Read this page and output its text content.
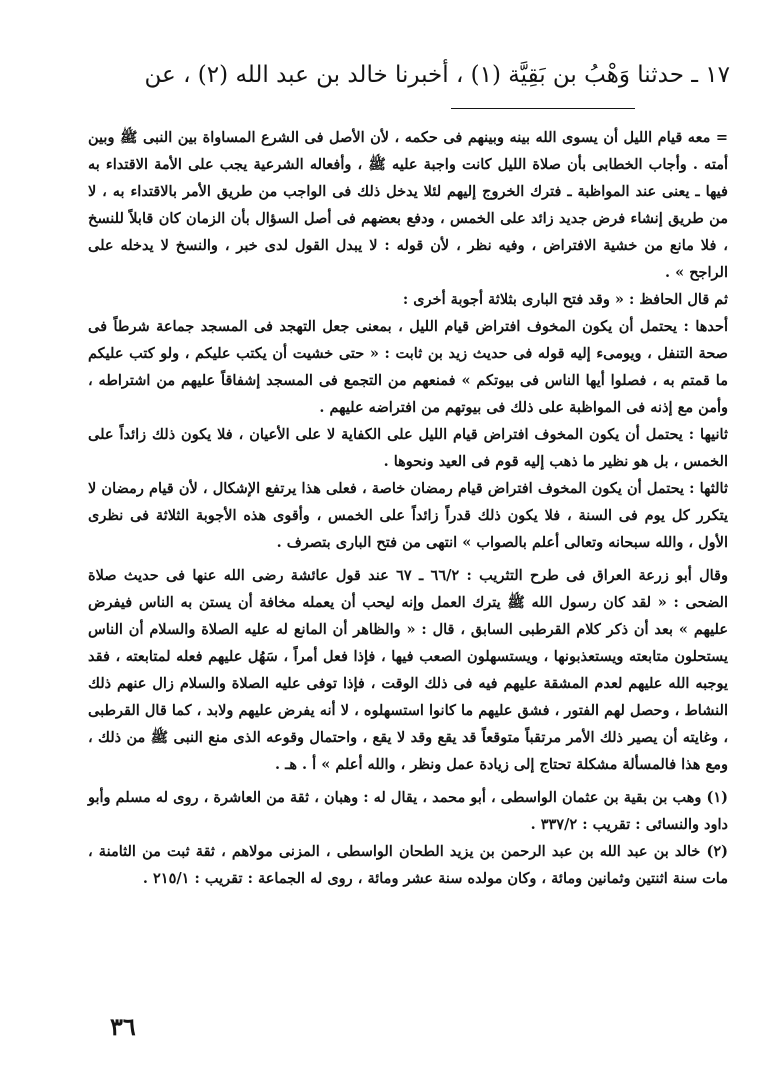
١٧ ـ حدثنا وَهْبُ بن بَقِيَّة (١) ، أخبرنا خالد بن عبد الله (٢) ، عن

= معه قيام الليل أن يسوى الله بينه وبينهم فى حكمه ، لأن الأصل فى الشرع المساواة بين النبى ﷺ وبين أمته . وأجاب الخطابى بأن صلاة الليل كانت واجبة عليه ﷺ ، وأفعاله الشرعية يجب على الأمة الاقتداء به فيها ـ يعنى عند المواظبة ـ فترك الخروج إليهم لئلا يدخل ذلك فى الواجب من طريق الأمر بالاقتداء به ، لا من طريق إنشاء فرض جديد زائد على الخمس ، ودفع بعضهم فى أصل السؤال بأن الزمان كان قابلاً للنسخ ، فلا مانع من خشية الافتراض ، وفيه نظر ، لأن قوله : لا يبدل القول لدى خبر ، والنسخ لا يدخله على الراجح » .

ثم قال الحافظ : « وقد فتح البارى بثلاثة أجوبة أخرى :

أحدها : يحتمل أن يكون المخوف افتراض قيام الليل ، بمعنى جعل التهجد فى المسجد جماعة شرطاً فى صحة التنفل ، ويومىء إليه قوله فى حديث زيد بن ثابت : « حتى خشيت أن يكتب عليكم ، ولو كتب عليكم ما قمتم به ، فصلوا أيها الناس فى بيوتكم » فمنعهم من التجمع فى المسجد إشفاقاً عليهم من اشتراطه ، وأمن مع إذنه فى المواظبة على ذلك فى بيوتهم من افتراضه عليهم .

ثانيها : يحتمل أن يكون المخوف افتراض قيام الليل على الكفاية لا على الأعيان ، فلا يكون ذلك زائداً على الخمس ، بل هو نظير ما ذهب إليه قوم فى العيد ونحوها .

ثالثها : يحتمل أن يكون المخوف افتراض قيام رمضان خاصة ، فعلى هذا يرتفع الإشكال ، لأن قيام رمضان لا يتكرر كل يوم فى السنة ، فلا يكون ذلك قدراً زائداً على الخمس ، وأقوى هذه الأجوبة الثلاثة فى نظرى الأول ، والله سبحانه وتعالى أعلم بالصواب » انتهى من فتح البارى بتصرف .

وقال أبو زرعة العراق فى طرح التثريب : ٦٦/٢ ـ ٦٧ عند قول عائشة رضى الله عنها فى حديث صلاة الضحى : « لقد كان رسول الله ﷺ يترك العمل وإنه ليحب أن يعمله مخافة أن يستن به الناس فيفرض عليهم » بعد أن ذكر كلام القرطبى السابق ، قال : « والظاهر أن المانع له عليه الصلاة والسلام أن الناس يستحلون متابعته ويستعذبونها ، ويستسهلون الصعب فيها ، فإذا فعل أمراً ، سَهُل عليهم فعله لمتابعته ، فقد يوجبه الله عليهم لعدم المشقة عليهم فيه فى ذلك الوقت ، فإذا توفى عليه الصلاة والسلام زال عنهم ذلك النشاط ، وحصل لهم الفتور ، فشق عليهم ما كانوا استسهلوه ، لا أنه يفرض عليهم ولابد ، كما قال القرطبى ، وغايته أن يصير ذلك الأمر مرتقباً متوقعاً قد يقع وقد لا يقع ، واحتمال وقوعه الذى منع النبى ﷺ من ذلك ، ومع هذا فالمسألة مشكلة تحتاج إلى زيادة عمل ونظر ، والله أعلم » أ . هـ .

(١) وهب بن بقية بن عثمان الواسطى ، أبو محمد ، يقال له : وهبان ، ثقة من العاشرة ، روى له مسلم وأبو داود والنسائى : تقريب : ٣٣٧/٢ .

(٢) خالد بن عبد الله بن عبد الرحمن بن يزيد الطحان الواسطى ، المزنى مولاهم ، ثقة ثبت من الثامنة ، مات سنة اثنتين وثمانين ومائة ، وكان مولده سنة عشر ومائة ، روى له الجماعة : تقريب : ٢١٥/١ .

٣٦
